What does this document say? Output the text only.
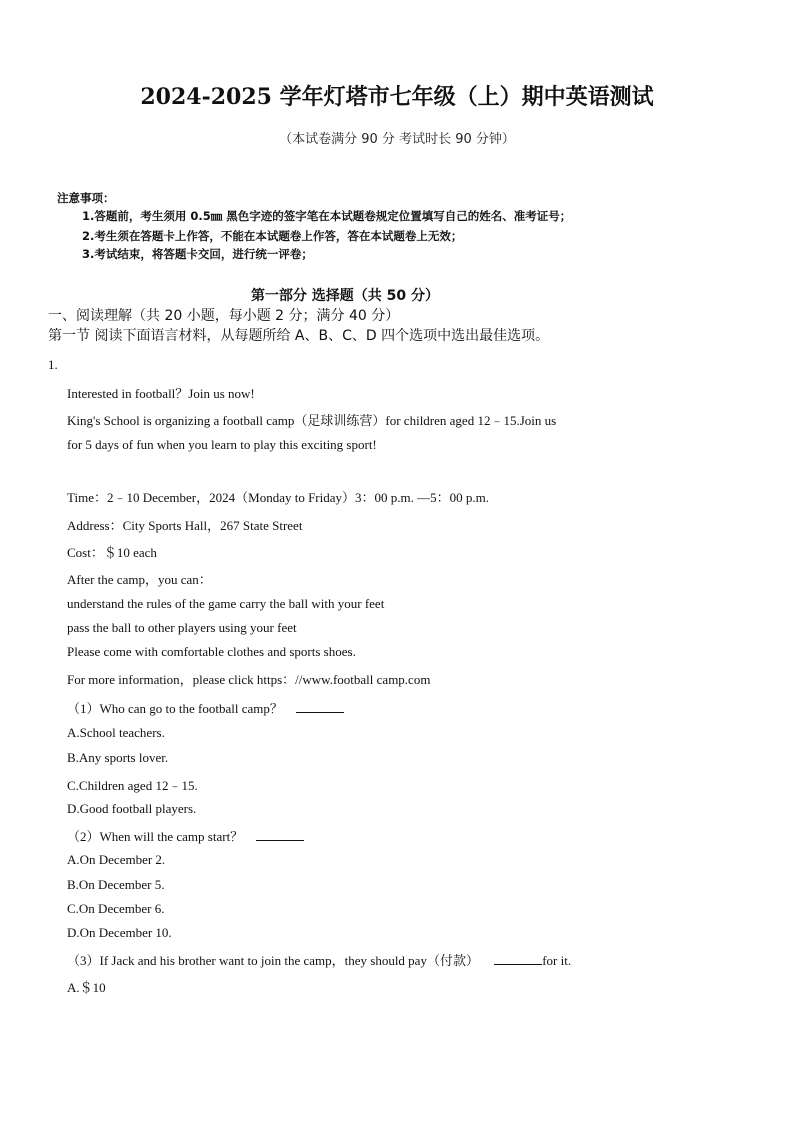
2024-2025 学年灯塔市七年级（上）期中英语测试
（本试卷满分 90 分 考试时长 90 分钟）
注意事项：
1.答题前，考生须用 0.5㎜ 黑色字迹的签字笔在本试题卷规定位置填写自己的姓名、准考证号；
2.考生须在答题卡上作答，不能在本试题卷上作答，答在本试题卷上无效；
3.考试结束，将答题卡交回，进行统一评卷；
第一部分 选择题（共 50 分）
一、阅读理解（共 20 小题，每小题 2 分；满分 40 分）
第一节 阅读下面语言材料，从每题所给 A、B、C、D 四个选项中选出最佳选项。
1.
Interested in football？Join us now!
King's School is organizing a football camp（足球训练营）for children aged 12﹣15.Join us
for 5 days of fun when you learn to play this exciting sport!
Time：2﹣10 December，2024（Monday to Friday）3：00 p.m. —5：00 p.m.
Address：City Sports Hall，267 State Street
Cost：＄10 each
After the camp，you can：
understand the rules of the game carry the ball with your feet
pass the ball to other players using your feet
Please come with comfortable clothes and sports shoes.
For more information，please click https：//www.football camp.com
（1）Who can go to the football camp？
A.School teachers.
B.Any sports lover.
C.Children aged 12﹣15.
D.Good football players.
（2）When will the camp start？
A.On December 2.
B.On December 5.
C.On December 6.
D.On December 10.
（3）If Jack and his brother want to join the camp，they should pay（付款）	for it.
A.＄10
